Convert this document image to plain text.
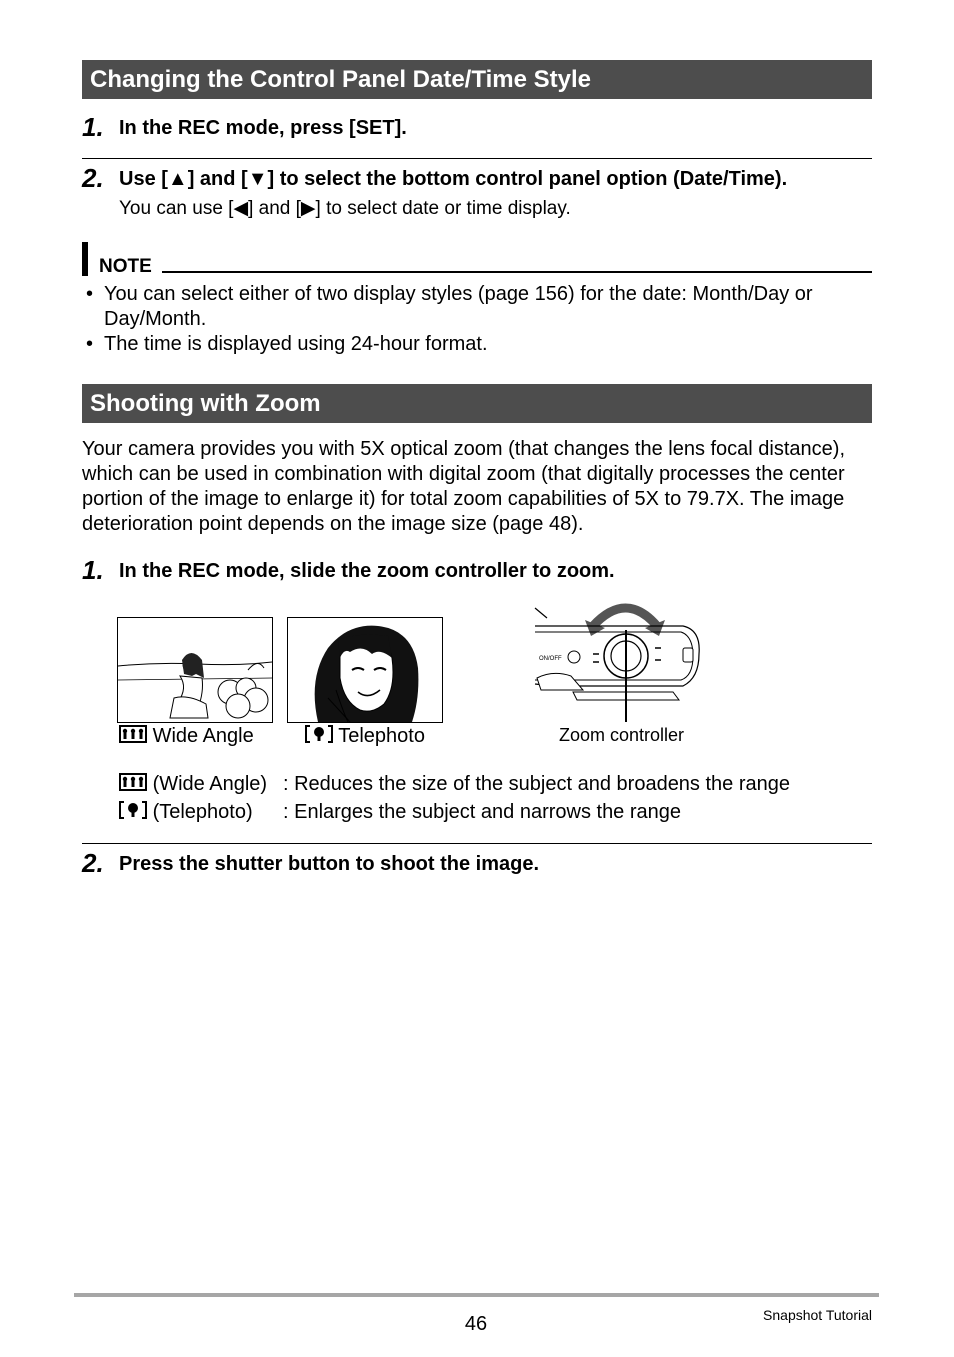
Changing the Control Panel Date/Time Style
1. In the REC mode, press [SET].
2. Use [▲] and [▼] to select the bottom control panel option (Date/Time).
You can use [◀] and [▶] to select date or time display.
NOTE
• You can select either of two display styles (page 156) for the date: Month/Day or Day/Month.
• The time is displayed using 24-hour format.
Shooting with Zoom
Your camera provides you with 5X optical zoom (that changes the lens focal distance), which can be used in combination with digital zoom (that digitally processes the center portion of the image to enlarge it) for total zoom capabilities of 5X to 79.7X. The image deterioration point depends on the image size (page 48).
1. In the REC mode, slide the zoom controller to zoom.
Wide Angle	Telephoto
ON/OFF
Zoom controller
(Wide Angle) : Reduces the size of the subject and broadens the range
(Telephoto) : Enlarges the subject and narrows the range
2. Press the shutter button to shoot the image.
46	Snapshot Tutorial
